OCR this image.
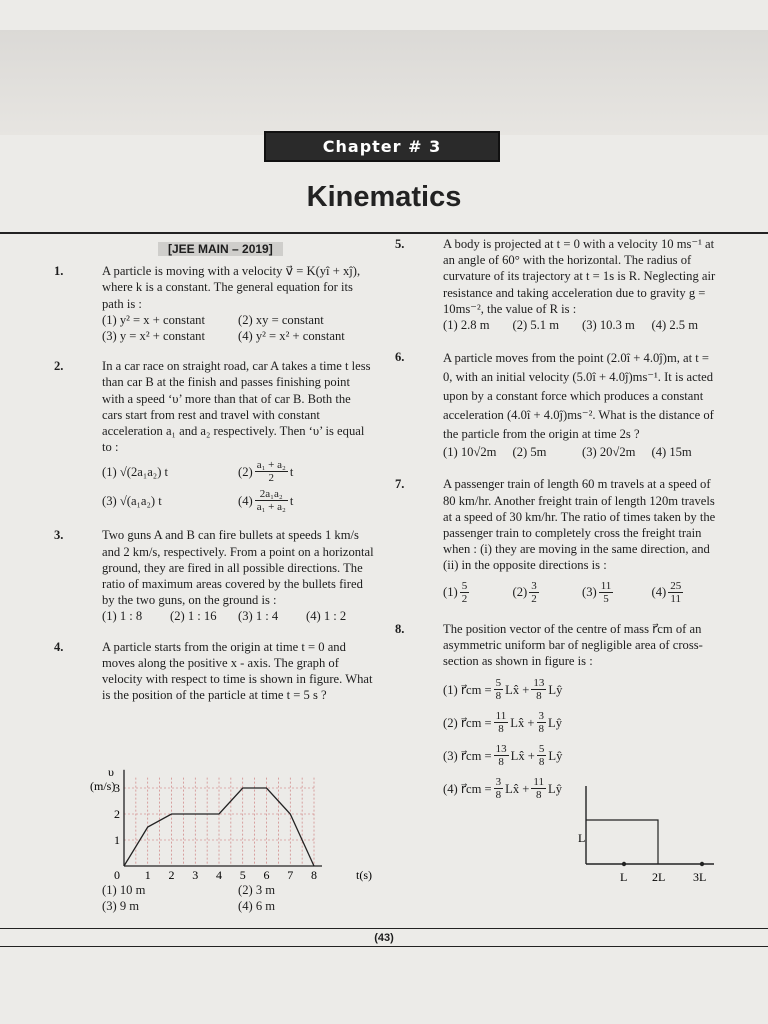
Chapter # 3
Kinematics
[JEE MAIN – 2019]
1.	A particle is moving with a velocity v⃗ = K(yî + xĵ), where k is a constant. The general equation for its path is :
(1) y² = x + constant	(2) xy = constant
(3) y = x² + constant	(4) y² = x² + constant
2.	In a car race on straight road, car A takes a time t less than car B at the finish and passes finishing point with a speed ‘υ’ more than that of car B. Both the cars start from rest and travel with constant acceleration a₁ and a₂ respectively. Then ‘υ’ is equal to :
(1) √(2a₁a₂) t	$(2) \frac{\text{a₁ + a₂}}{2}$ t
(3) √(a₁a₂) t	$(4) \frac{\text{2a₁a₂}}{\text{a₁ + a₂}}$ t
3.	Two guns A and B can fire bullets at speeds 1 km/s and 2 km/s, respectively. From a point on a horizontal ground, they are fired in all possible directions. The ratio of maximum areas covered by the bullets fired by the two guns, on the ground is :
(1) 1 : 8	(2) 1 : 16	(3) 1 : 4	(4) 1 : 2
4.	A particle starts from the origin at time t = 0 and moves along the positive x - axis. The graph of velocity with respect to time is shown in figure. What is the position of the particle at time t = 5 s ?
0 1 2 3 4 5 6 7 8
1
2
3
υ
(m/s)
t(s)
(1) 10 m	(2) 3 m
(3) 9 m	(4) 6 m
5.	A body is projected at t = 0 with a velocity 10 ms⁻¹ at an angle of 60° with the horizontal. The radius of curvature of its trajectory at t = 1s is R. Neglecting air resistance and taking acceleration due to gravity g = 10ms⁻², the value of R is :
(1) 2.8 m	(2) 5.1 m	(3) 10.3 m	(4) 2.5 m
6.	A particle moves from the point (2.0î + 4.0ĵ)m, at t = 0, with an initial velocity (5.0î + 4.0ĵ)ms⁻¹. It is acted upon by a constant force which produces a constant acceleration (4.0î + 4.0ĵ)ms⁻². What is the distance of the particle from the origin at time 2s ?
(1) 10√2m	(2) 5m	(3) 20√2m	(4) 15m
7.	A passenger train of length 60 m travels at a speed of 80 km/hr. Another freight train of length 120m travels at a speed of 30 km/hr. The ratio of times taken by the passenger train to completely cross the freight train when : (i) they are moving in the same direction, and (ii) in the opposite directions is :
$(1) \frac{5}{2}$	$(2) \frac{3}{2}$	$(3) \frac{11}{5}$	$(4) \frac{25}{11}$
8.	The position vector of the centre of mass r⃗cm of an asymmetric uniform bar of negligible area of cross-section as shown in figure is :
(1) r⃗cm = $\frac{5}{8}$ Lx̂ + $\frac{13}{8}$ Lŷ
(2) r⃗cm = $\frac{11}{8}$ Lx̂ + $\frac{3}{8}$ Lŷ
(3) r⃗cm = $\frac{13}{8}$ Lx̂ + $\frac{5}{8}$ Lŷ
(4) r⃗cm = $\frac{3}{8}$ Lx̂ + $\frac{11}{8}$ Lŷ
L
L 2L 3L
(43)
